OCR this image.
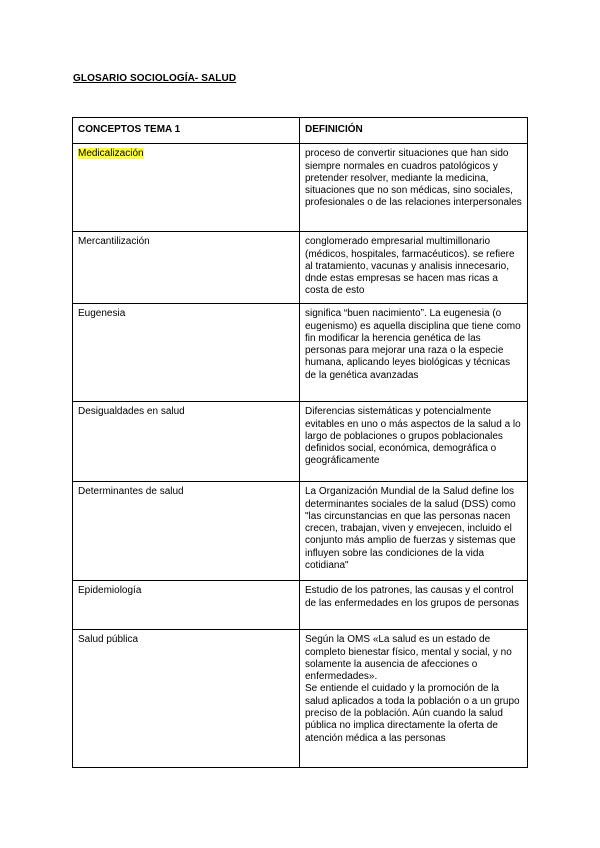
GLOSARIO SOCIOLOGÍA- SALUD
CONCEPTOS TEMA 1	DEFINICIÓN
Medicalización	proceso de convertir situaciones que han sido siempre normales en cuadros patológicos y pretender resolver, mediante la medicina, situaciones que no son médicas, sino sociales, profesionales o de las relaciones interpersonales
Mercantilización	conglomerado empresarial multimillonario (médicos, hospitales, farmacéuticos). se refiere al tratamiento, vacunas y analisis innecesario, dnde estas empresas se hacen mas ricas a costa de esto
Eugenesia	significa “buen nacimiento”. La eugenesia (o eugenismo) es aquella disciplina que tiene como fin modificar la herencia genética de las personas para mejorar una raza o la especie humana, aplicando leyes biológicas y técnicas de la genética avanzadas
Desigualdades en salud	Diferencias sistemáticas y potencialmente evitables en uno o más aspectos de la salud a lo largo de poblaciones o grupos poblacionales definidos social, económica, demográfica o geográficamente
Determinantes de salud	La Organización Mundial de la Salud define los determinantes sociales de la salud (DSS) como "las circunstancias en que las personas nacen crecen, trabajan, viven y envejecen, incluido el conjunto más amplio de fuerzas y sistemas que influyen sobre las condiciones de la vida cotidiana"
Epidemiología	Estudio de los patrones, las causas y el control de las enfermedades en los grupos de personas
Salud pública	Según la OMS «La salud es un estado de completo bienestar físico, mental y social, y no solamente la ausencia de afecciones o enfermedades».

Se entiende el cuidado y la promoción de la salud aplicados a toda la población o a un grupo preciso de la población. Aún cuando la salud pública no implica directamente la oferta de atención médica a las personas
